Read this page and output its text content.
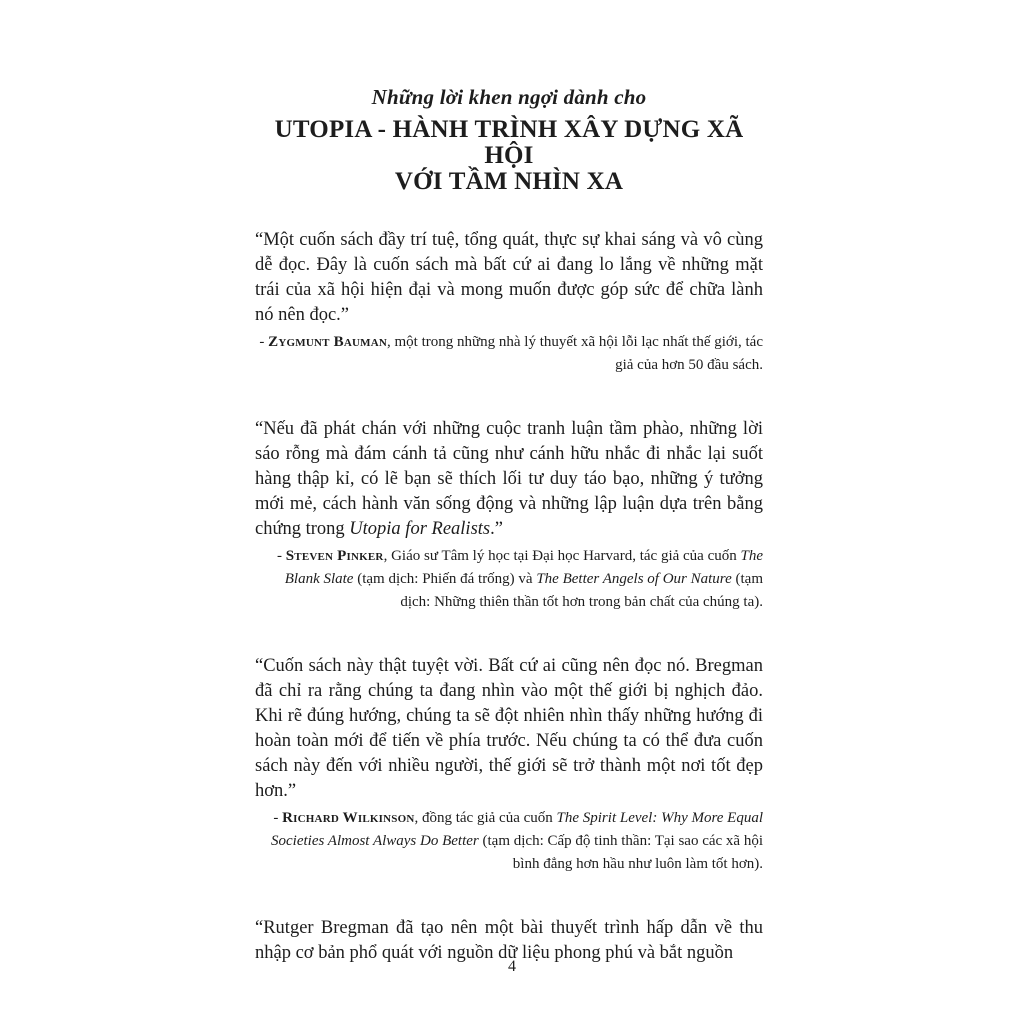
Những lời khen ngợi dành cho
UTOPIA - HÀNH TRÌNH XÂY DỰNG XÃ HỘI
VỚI TẦM NHÌN XA

“Một cuốn sách đầy trí tuệ, tổng quát, thực sự khai sáng và vô cùng dễ đọc. Đây là cuốn sách mà bất cứ ai đang lo lắng về những mặt trái của xã hội hiện đại và mong muốn được góp sức để chữa lành nó nên đọc.”

- Zygmunt Bauman, một trong những nhà lý thuyết xã hội lỗi lạc nhất thế giới, tác giả của hơn 50 đầu sách.

“Nếu đã phát chán với những cuộc tranh luận tầm phào, những lời sáo rỗng mà đám cánh tả cũng như cánh hữu nhắc đi nhắc lại suốt hàng thập kỉ, có lẽ bạn sẽ thích lối tư duy táo bạo, những ý tưởng mới mẻ, cách hành văn sống động và những lập luận dựa trên bằng chứng trong Utopia for Realists.”

- Steven Pinker, Giáo sư Tâm lý học tại Đại học Harvard, tác giả của cuốn The Blank Slate (tạm dịch: Phiến đá trống) và The Better Angels of Our Nature (tạm dịch: Những thiên thần tốt hơn trong bản chất của chúng ta).

“Cuốn sách này thật tuyệt vời. Bất cứ ai cũng nên đọc nó. Bregman đã chỉ ra rằng chúng ta đang nhìn vào một thế giới bị nghịch đảo. Khi rẽ đúng hướng, chúng ta sẽ đột nhiên nhìn thấy những hướng đi hoàn toàn mới để tiến về phía trước. Nếu chúng ta có thể đưa cuốn sách này đến với nhiều người, thế giới sẽ trở thành một nơi tốt đẹp hơn.”

- Richard Wilkinson, đồng tác giả của cuốn The Spirit Level: Why More Equal Societies Almost Always Do Better (tạm dịch: Cấp độ tinh thần: Tại sao các xã hội bình đẳng hơn hầu như luôn làm tốt hơn).

“Rutger Bregman đã tạo nên một bài thuyết trình hấp dẫn về thu nhập cơ bản phổ quát với nguồn dữ liệu phong phú và bắt nguồn

4
